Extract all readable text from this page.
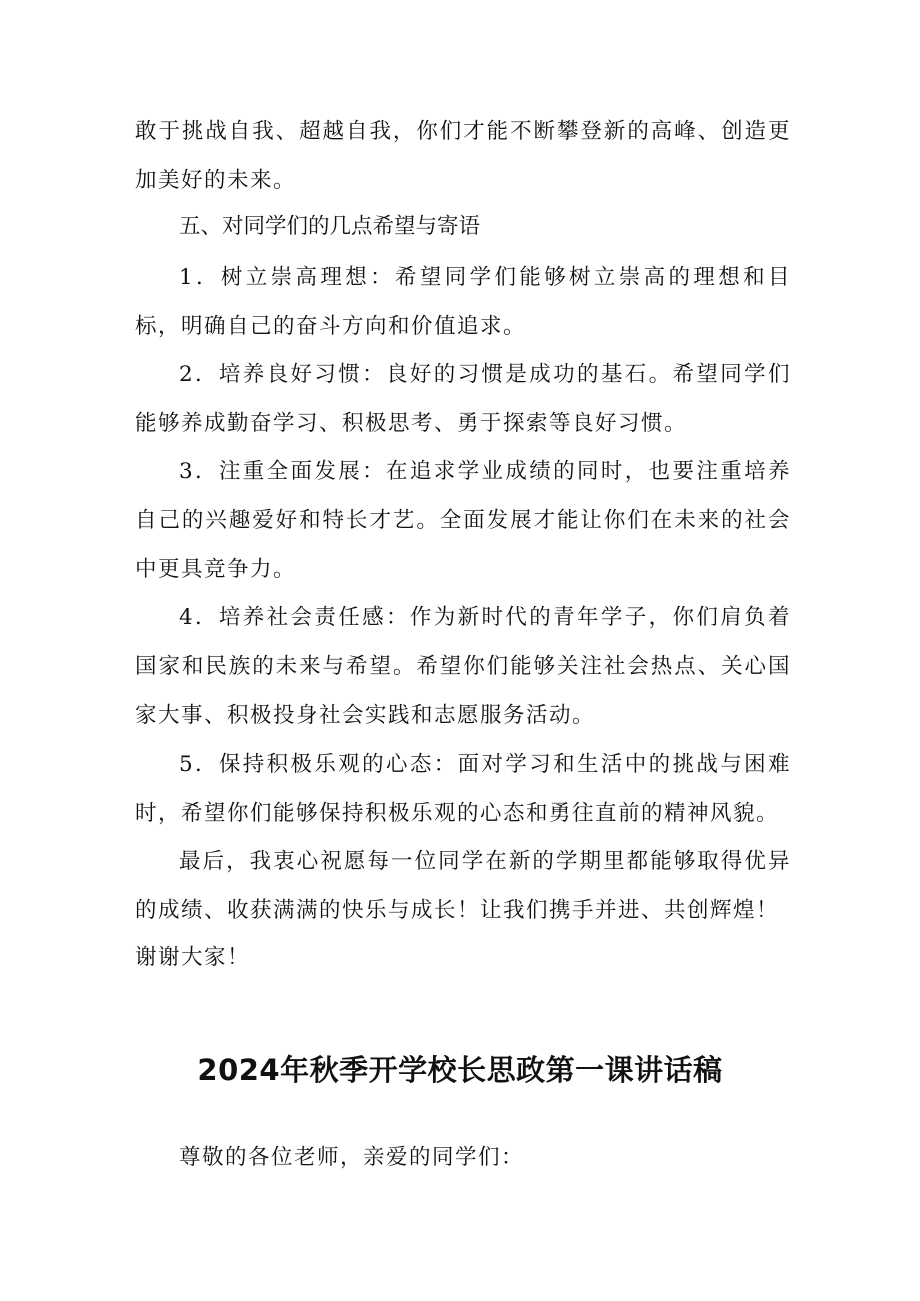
敢于挑战自我、超越自我，你们才能不断攀登新的高峰、创造更加美好的未来。

五、对同学们的几点希望与寄语

1．树立崇高理想：希望同学们能够树立崇高的理想和目标，明确自己的奋斗方向和价值追求。

2．培养良好习惯：良好的习惯是成功的基石。希望同学们能够养成勤奋学习、积极思考、勇于探索等良好习惯。

3．注重全面发展：在追求学业成绩的同时，也要注重培养自己的兴趣爱好和特长才艺。全面发展才能让你们在未来的社会中更具竞争力。

4．培养社会责任感：作为新时代的青年学子，你们肩负着国家和民族的未来与希望。希望你们能够关注社会热点、关心国家大事、积极投身社会实践和志愿服务活动。

5．保持积极乐观的心态：面对学习和生活中的挑战与困难时，希望你们能够保持积极乐观的心态和勇往直前的精神风貌。

最后，我衷心祝愿每一位同学在新的学期里都能够取得优异的成绩、收获满满的快乐与成长！让我们携手并进、共创辉煌！

谢谢大家！

2024年秋季开学校长思政第一课讲话稿

尊敬的各位老师，亲爱的同学们：
